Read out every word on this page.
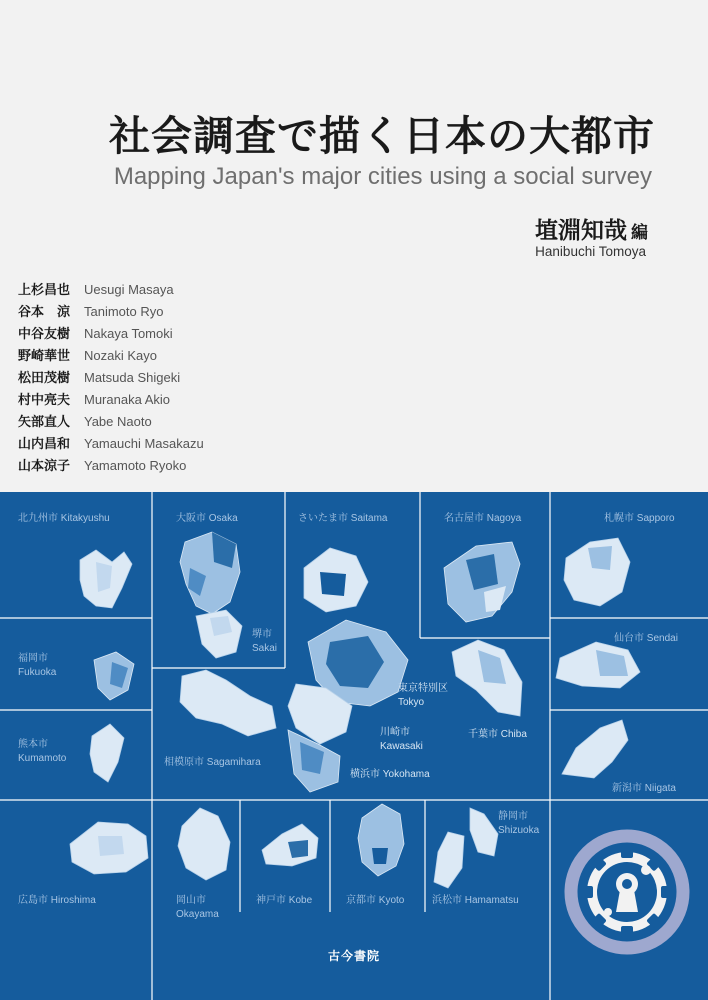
社会調査で描く日本の大都市
Mapping Japan's major cities using a social survey
埴淵知哉 編
Hanibuchi Tomoya
上杉昌也 Uesugi Masaya
谷本　涼 Tanimoto Ryo
中谷友樹 Nakaya Tomoki
野崎華世 Nozaki Kayo
松田茂樹 Matsuda Shigeki
村中亮夫 Muranaka Akio
矢部直人 Yabe Naoto
山内昌和 Yamauchi Masakazu
山本涼子 Yamamoto Ryoko
北九州市 Kitakyushu	大阪市 Osaka	さいたま市 Saitama	名古屋市 Nagoya	札幌市 Sapporo
堺市
Sakai
福岡市
Fukuoka
仙台市 Sendai
東京特別区
Tokyo
熊本市
Kumamoto
川崎市
Kawasaki
千葉市 Chiba
相模原市 Sagamihara
横浜市 Yokohama
新潟市 Niigata
静岡市
Shizuoka
広島市 Hiroshima	岡山市
Okayama
神戸市 Kobe	京都市 Kyoto	浜松市 Hamamatsu
古今書院
